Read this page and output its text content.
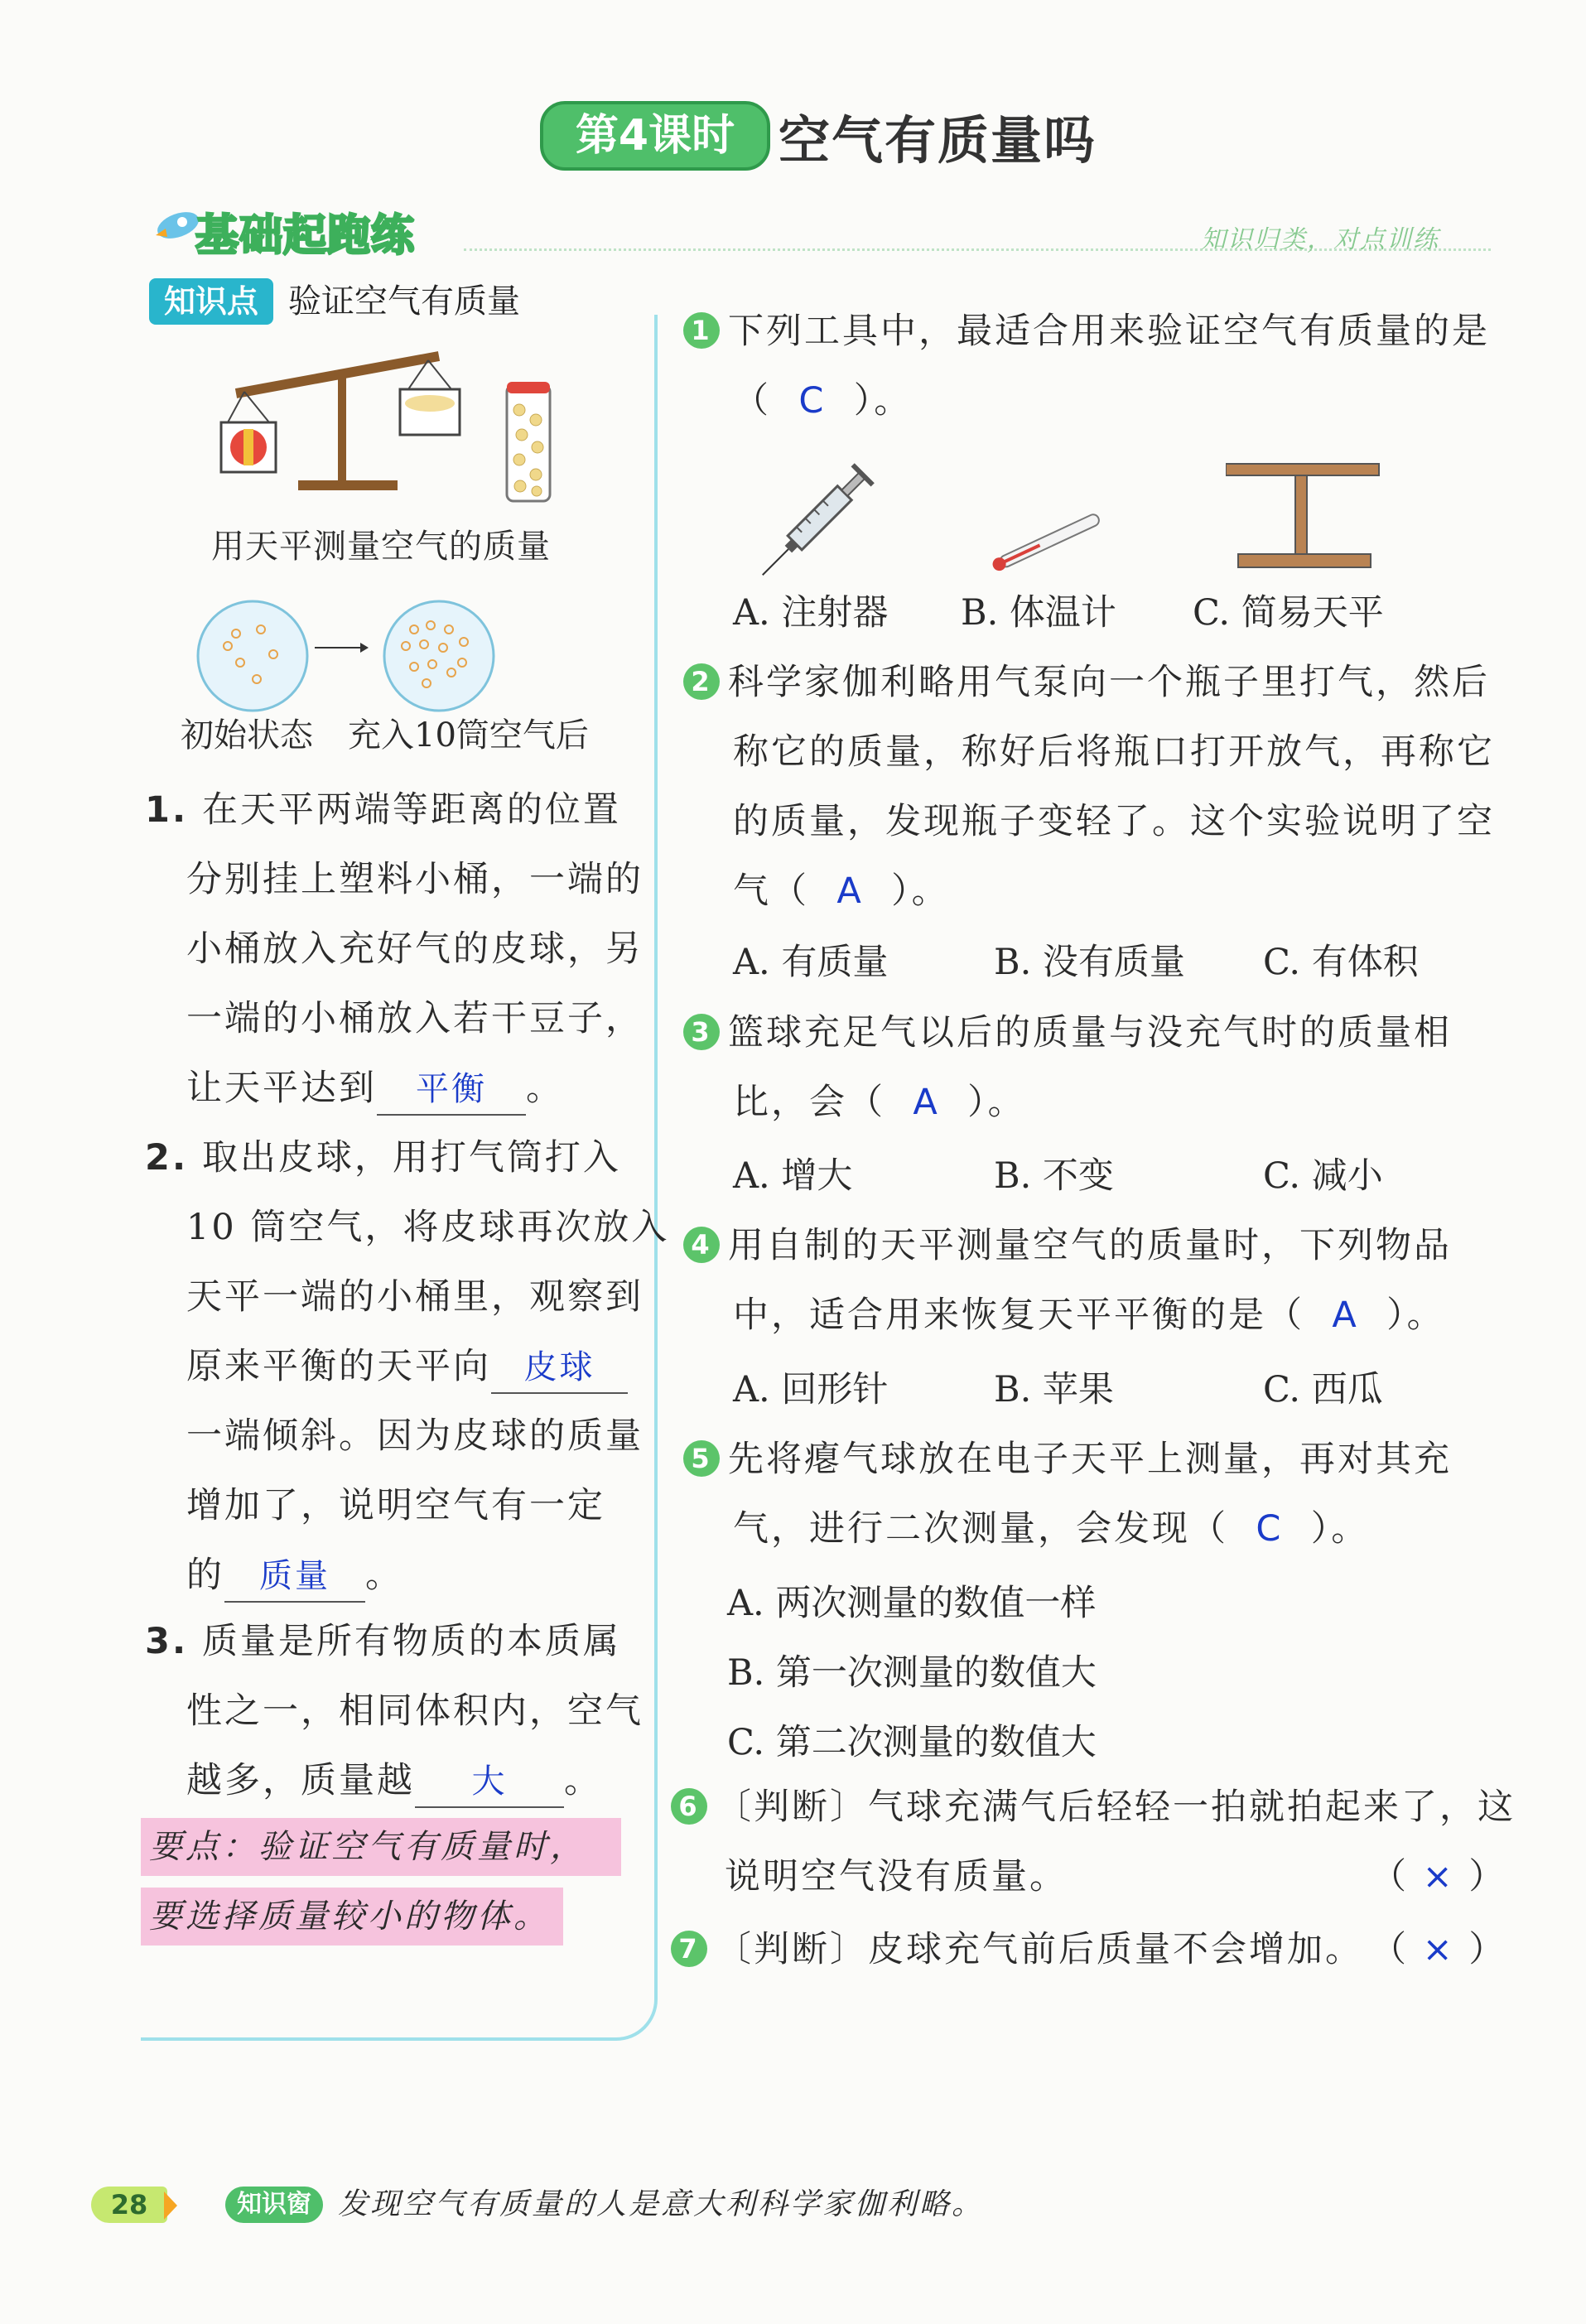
第4课时 空气有质量吗
基础起跑练	知识归类，对点训练
知识点 验证空气有质量
用天平测量空气的质量
初始状态 充入10筒空气后
1. 在天平两端等距离的位置
分别挂上塑料小桶，一端的
小桶放入充好气的皮球，另
一端的小桶放入若干豆子，
让天平达到 平衡 。
2. 取出皮球，用打气筒打入
10 筒空气，将皮球再次放入
天平一端的小桶里，观察到
原来平衡的天平向 皮球
一端倾斜。因为皮球的质量
增加了，说明空气有一定
的 质量 。
3. 质量是所有物质的本质属
性之一，相同体积内，空气
越多，质量越 大 。
要点：验证空气有质量时，
要选择质量较小的物体。
1 下列工具中，最适合用来验证空气有质量的是
（ C ）。
A. 注射器 B. 体温计 C. 简易天平
2 科学家伽利略用气泵向一个瓶子里打气，然后
称它的质量，称好后将瓶口打开放气，再称它
的质量，发现瓶子变轻了。这个实验说明了空
气（ A ）。
A. 有质量	B. 没有质量 C. 有体积
3 篮球充足气以后的质量与没充气时的质量相
比，会（ A ）。
A. 增大	B. 不变	C. 减小
4 用自制的天平测量空气的质量时，下列物品
中，适合用来恢复天平平衡的是（ A ）。
A. 回形针	B. 苹果	C. 西瓜
5 先将瘪气球放在电子天平上测量，再对其充
气，进行二次测量，会发现（ C ）。
A. 两次测量的数值一样
B. 第一次测量的数值大
C. 第二次测量的数值大
6 〔判断〕气球充满气后轻轻一拍就拍起来了，这
说明空气没有质量。	（ × ）
7 〔判断〕皮球充气前后质量不会增加。 （ × ）
28	知识窗 发现空气有质量的人是意大利科学家伽利略。
